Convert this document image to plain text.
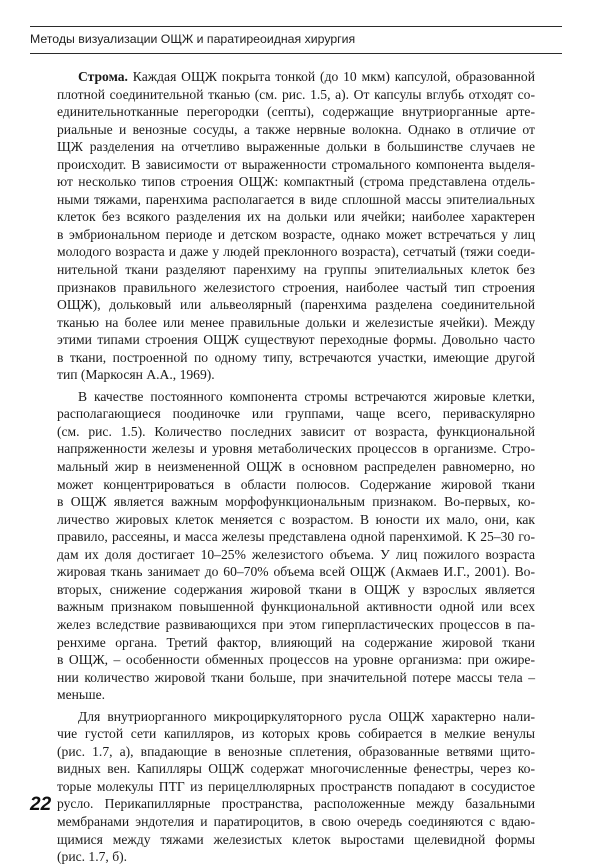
Методы визуализации ОЩЖ и паратиреоидная хирургия

Строма. Каждая ОЩЖ покрыта тонкой (до 10 мкм) капсулой, образованной
плотной соединительной тканью (см. рис. 1.5, а). От капсулы вглубь отходят со-
единительнотканные перегородки (септы), содержащие внутриорганные арте-
риальные и венозные сосуды, а также нервные волокна. Однако в отличие от
ЩЖ разделения на отчетливо выраженные дольки в большинстве случаев не
происходит. В зависимости от выраженности стромального компонента выделя-
ют несколько типов строения ОЩЖ: компактный (строма представлена отдель-
ными тяжами, паренхима располагается в виде сплошной массы эпителиальных
клеток без всякого разделения их на дольки или ячейки; наиболее характерен
в эмбриональном периоде и детском возрасте, однако может встречаться у лиц
молодого возраста и даже у людей преклонного возраста), сетчатый (тяжи соеди-
нительной ткани разделяют паренхиму на группы эпителиальных клеток без
признаков правильного железистого строения, наиболее частый тип строения
ОЩЖ), дольковый или альвеолярный (паренхима разделена соединительной
тканью на более или менее правильные дольки и железистые ячейки). Между
этими типами строения ОЩЖ существуют переходные формы. Довольно часто
в ткани, построенной по одному типу, встречаются участки, имеющие другой
тип (Маркосян А.А., 1969).

В качестве постоянного компонента стромы встречаются жировые клетки,
располагающиеся поодиночке или группами, чаще всего, периваскулярно
(см. рис. 1.5). Количество последних зависит от возраста, функциональной
напряженности железы и уровня метаболических процессов в организме. Стро-
мальный жир в неизмененной ОЩЖ в основном распределен равномерно, но
может концентрироваться в области полюсов. Содержание жировой ткани
в ОЩЖ является важным морфофункциональным признаком. Во-первых, ко-
личество жировых клеток меняется с возрастом. В юности их мало, они, как
правило, рассеяны, и масса железы представлена одной паренхимой. К 25–30 го-
дам их доля достигает 10–25% железистого объема. У лиц пожилого возраста
жировая ткань занимает до 60–70% объема всей ОЩЖ (Акмаев И.Г., 2001). Во-
вторых, снижение содержания жировой ткани в ОЩЖ у взрослых является
важным признаком повышенной функциональной активности одной или всех
желез вследствие развивающихся при этом гиперпластических процессов в па-
ренхиме органа. Третий фактор, влияющий на содержание жировой ткани
в ОЩЖ, – особенности обменных процессов на уровне организма: при ожире-
нии количество жировой ткани больше, при значительной потере массы тела –
меньше.

Для внутриорганного микроциркуляторного русла ОЩЖ характерно нали-
чие густой сети капилляров, из которых кровь собирается в мелкие венулы
(рис. 1.7, а), впадающие в венозные сплетения, образованные ветвями щито-
видных вен. Капилляры ОЩЖ содержат многочисленные фенестры, через ко-
торые молекулы ПТГ из перицеллюлярных пространств попадают в сосудистое
русло. Перикапиллярные пространства, расположенные между базальными
мембранами эндотелия и паратироцитов, в свою очередь соединяются с вдаю-
щимися между тяжами железистых клеток выростами щелевидной формы
(рис. 1.7, б).

22
